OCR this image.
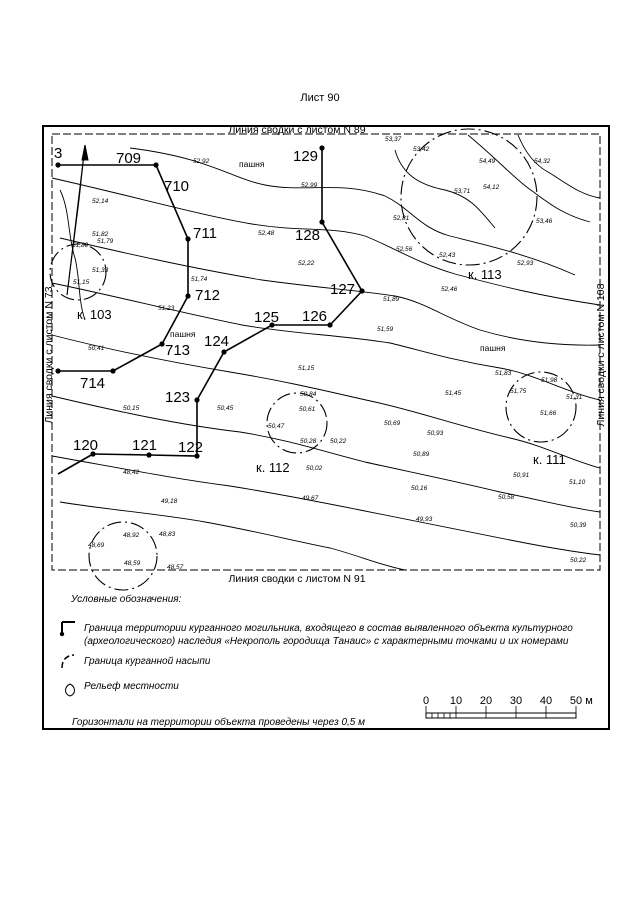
Лист 90
Линия сводки с листом N 89
Линия сводки с листом N 91
Линия сводки с листом N 73	Линия сводки с листом N 108
709
710
711
712
713
714
120 121 122
123
124
125 126
127
128
129
3
к. 103
к. 111
к. 112
к. 113
пашня
пашня
пашня
52,92
52,99
53,42
53,37
54,49	54,32
52,14
54,12
53,71
51,82
52,81	53,46
52,48
52,56
52,43
52,22	52,93
51,79
51,89
51,33
51,74
52,46
51,15
51,89
51,23
51,59
50,41
51,15
51,83
51,98
51,45	51,75
50,84
50,45	50,61
50,15
50,47	50,69
51,66
50,28 50,22
51,31
50,93
50,89
50,02
50,91
48,42
50,16
51,10
49,67
49,18
50,58
49,93
48,83
48,92
50,39
48,69
48,59
48,57
50,22
0 10 20 30 40 50 м
Условные обозначения:
Граница территории курганного могильника, входящего в состав выявленного объекта культурного (археологического) наследия «Некрополь городища Танаис» с характерными точками и их номерами
Граница курганной насыпи
Рельеф местности
Горизонтали на территории объекта проведены через 0,5 м
